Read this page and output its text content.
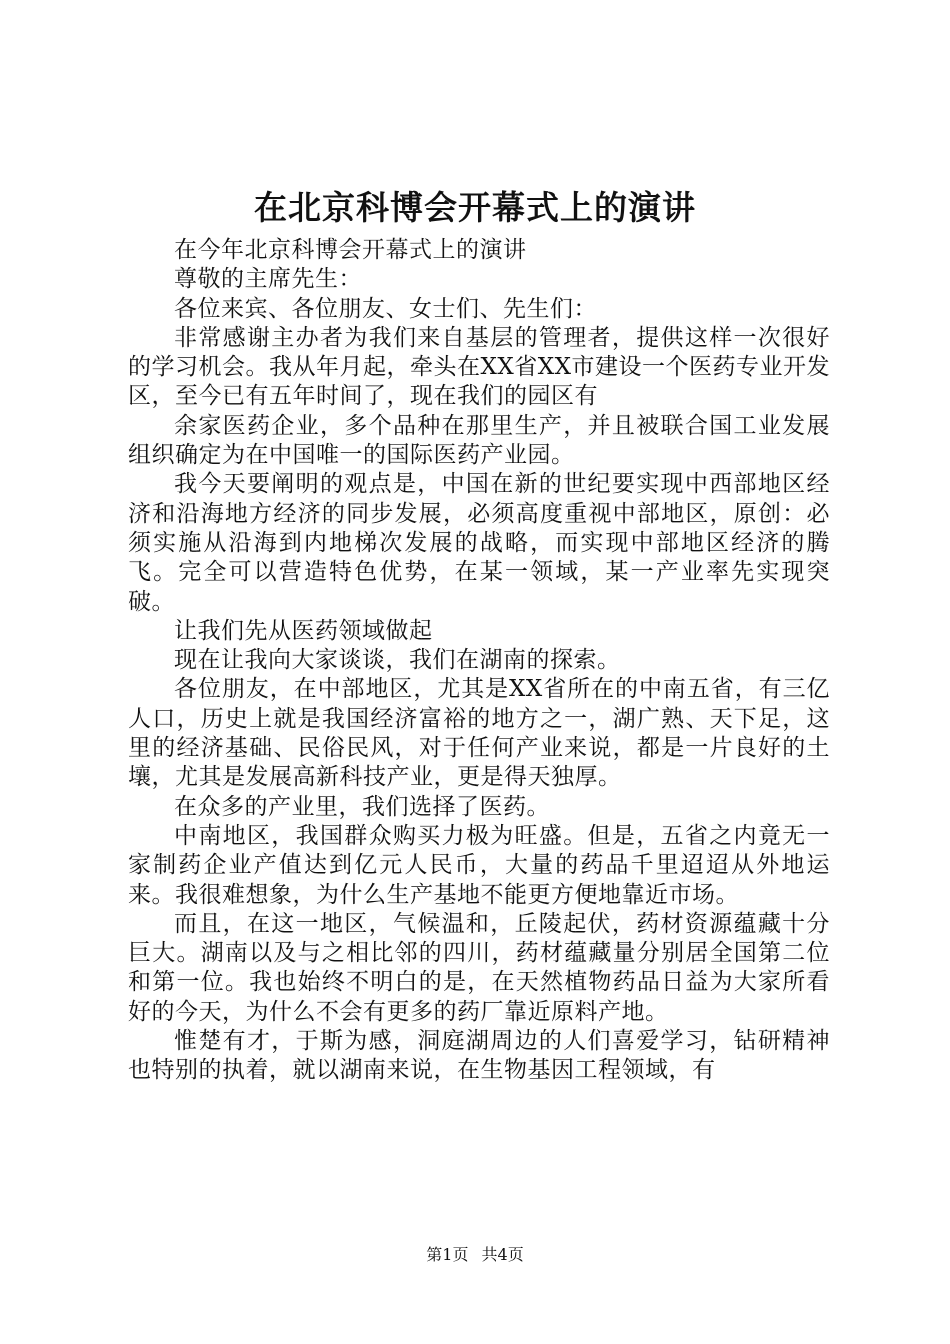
在北京科博会开幕式上的演讲

在今年北京科博会开幕式上的演讲

尊敬的主席先生：

各位来宾、各位朋友、女士们、先生们：

非常感谢主办者为我们来自基层的管理者，提供这样一次很好的学习机会。我从年月起，牵头在XX省XX市建设一个医药专业开发区，至今已有五年时间了，现在我们的园区有

余家医药企业，多个品种在那里生产，并且被联合国工业发展组织确定为在中国唯一的国际医药产业园。

我今天要阐明的观点是，中国在新的世纪要实现中西部地区经济和沿海地方经济的同步发展，必须高度重视中部地区，原创：必须实施从沿海到内地梯次发展的战略，而实现中部地区经济的腾飞。完全可以营造特色优势，在某一领域，某一产业率先实现突破。

让我们先从医药领域做起

现在让我向大家谈谈，我们在湖南的探索。

各位朋友，在中部地区，尤其是XX省所在的中南五省，有三亿人口，历史上就是我国经济富裕的地方之一，湖广熟、天下足，这里的经济基础、民俗民风，对于任何产业来说，都是一片良好的土壤，尤其是发展高新科技产业，更是得天独厚。

在众多的产业里，我们选择了医药。

中南地区，我国群众购买力极为旺盛。但是，五省之内竟无一家制药企业产值达到亿元人民币，大量的药品千里迢迢从外地运来。我很难想象，为什么生产基地不能更方便地靠近市场。

而且，在这一地区，气候温和，丘陵起伏，药材资源蕴藏十分巨大。湖南以及与之相比邻的四川，药材蕴藏量分别居全国第二位和第一位。我也始终不明白的是，在天然植物药品日益为大家所看好的今天，为什么不会有更多的药厂靠近原料产地。

惟楚有才，于斯为感，洞庭湖周边的人们喜爱学习，钻研精神也特别的执着，就以湖南来说，在生物基因工程领域，有

第1页 共4页
